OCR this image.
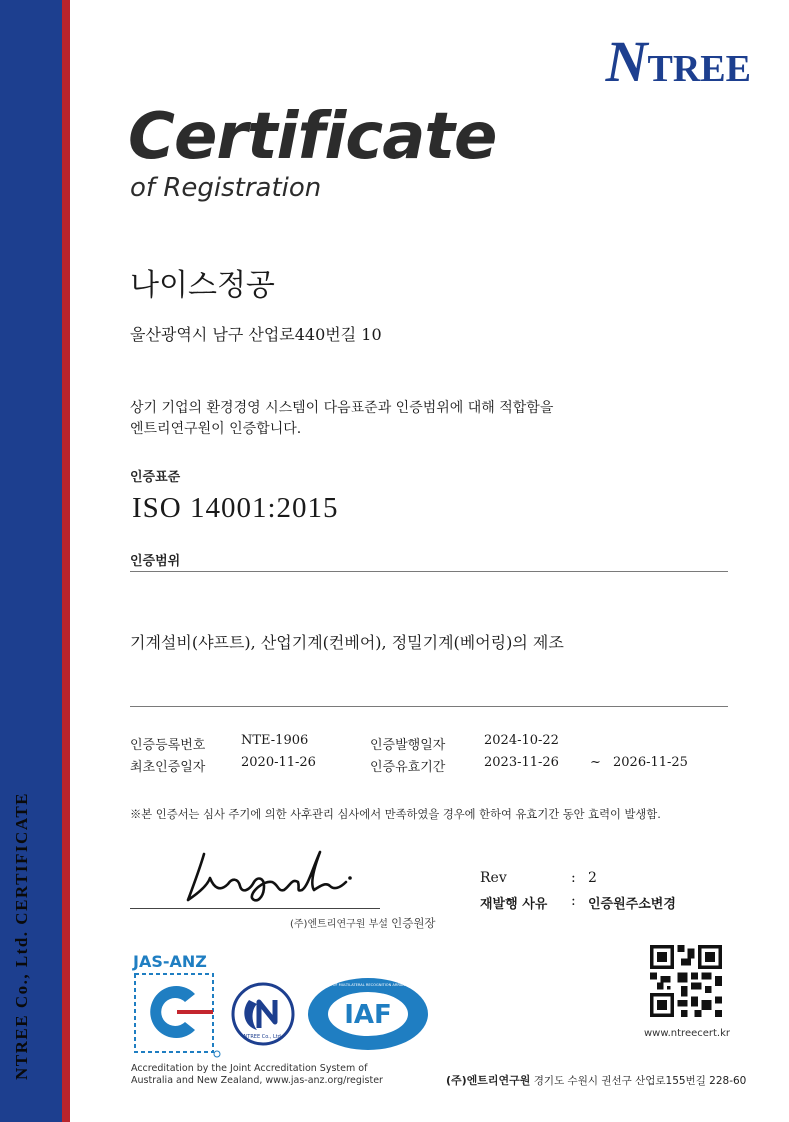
NTREE Co., Ltd. CERTIFICATE
NTREE
Certificate
of Registration
나이스정공
울산광역시 남구 산업로440번길 10
상기 기업의 환경경영 시스템이 다음표준과 인증범위에 대해 적합함을
엔트리연구원이 인증합니다.
인증표준
ISO 14001:2015
인증범위
기계설비(샤프트), 산업기계(컨베어), 정밀기계(베어링)의 제조
인증등록번호	NTE-1906	인증발행일자	2024-10-22
최초인증일자	2020-11-26	인증유효기간	2023-11-26 ~ 2026-11-25
※본 인증서는 심사 주기에 의한 사후관리 심사에서 만족하였을 경우에 한하여 유효기간 동안 효력이 발생함.
(주)엔트리연구원 부설 인증원장
Rev	: 2
재발행 사유 : 인증원주소변경
JAS-ANZ
NTREE Co., Ltd.
IAF
MEMBER OF MULTILATERAL RECOGNITION ARRANGEMENT
Accreditation by the Joint Accreditation System of
Australia and New Zealand, www.jas-anz.org/register
www.ntreecert.kr
(주)엔트리연구원 경기도 수원시 권선구 산업로155번길 228-60
